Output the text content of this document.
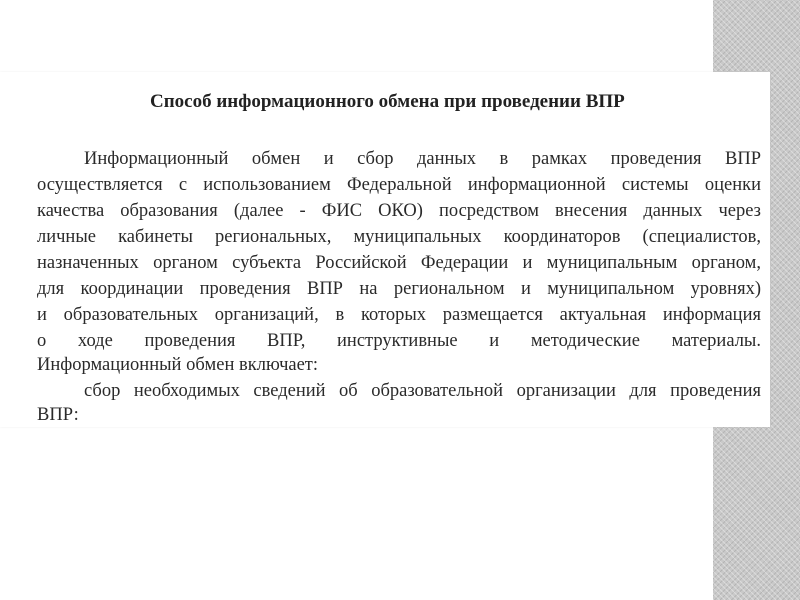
Способ информационного обмена при проведении ВПР
Информационный обмен и сбор данных в рамках проведения ВПР
осуществляется с использованием Федеральной информационной системы оценки
качества образования (далее - ФИС ОКО) посредством внесения данных через
личные кабинеты региональных, муниципальных координаторов (специалистов,
назначенных органом субъекта Российской Федерации и муниципальным органом,
для координации проведения ВПР на региональном и муниципальном уровнях)
и образовательных организаций, в которых размещается актуальная информация
о ходе проведения ВПР, инструктивные и методические материалы.
Информационный обмен включает:
сбор необходимых сведений об образовательной организации для проведения
ВПР:
